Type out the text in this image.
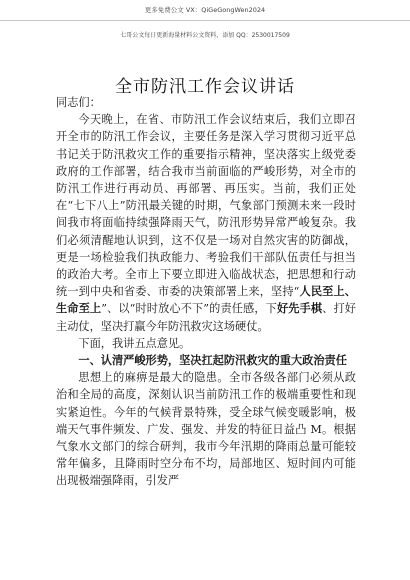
更多免费公文 VX：QiGeGongWen2024
七哥公文每日更新海量材料公文资料，添加 QQ：2530017509
全市防汛工作会议讲话

同志们：

今天晚上，在省、市防汛工作会议结束后，我们立即召开全市的防汛工作会议，主要任务是深入学习贯彻习近平总书记关于防汛救灾工作的重要指示精神，坚决落实上级党委政府的工作部署，结合我市当前面临的严峻形势，对全市的防汛工作进行再动员、再部署、再压实。当前，我们正处在“七下八上”防汛最关键的时期，气象部门预测未来一段时间我市将面临持续强降雨天气，防汛形势异常严峻复杂。我们必须清醒地认识到，这不仅是一场对自然灾害的防御战，更是一场检验我们执政能力、考验我们干部队伍责任与担当的政治大考。全市上下要立即进入临战状态，把思想和行动统一到中央和省委、市委的决策部署上来，坚持“人民至上、生命至上”、以“时时放心不下”的责任感，下好先手棋、打好主动仗，坚决打赢今年防汛救灾这场硬仗。

下面，我讲五点意见。

一、认清严峻形势，坚决扛起防汛救灾的重大政治责任

思想上的麻痹是最大的隐患。全市各级各部门必须从政治和全局的高度，深刻认识当前防汛工作的极端重要性和现实紧迫性。今年的气候背景特殊，受全球气候变暖影响，极端天气事件频发、广发、强发、并发的特征日益凸 M。根据气象水文部门的综合研判，我市今年汛期的降雨总量可能较常年偏多，且降雨时空分布不均，局部地区、短时间内可能出现极端强降雨，引发严
